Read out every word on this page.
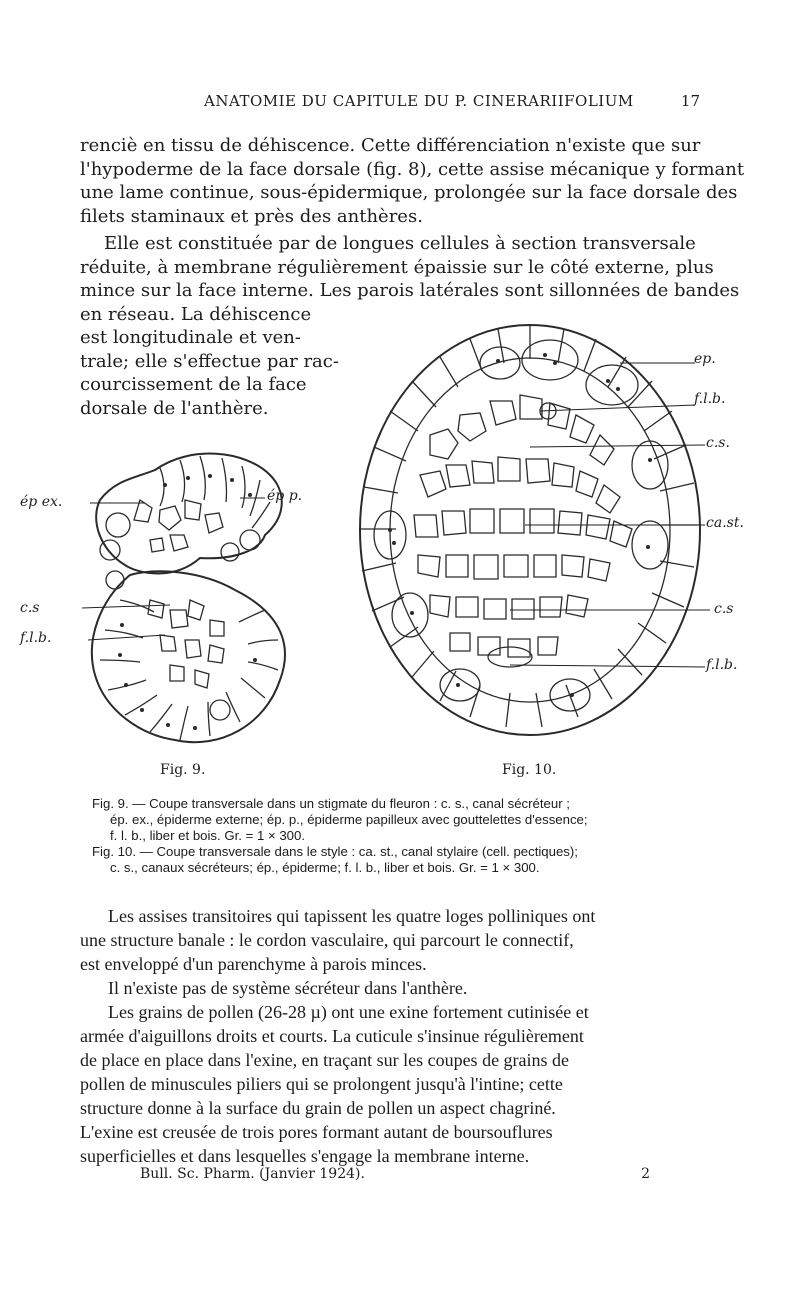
ANATOMIE DU CAPITULE DU P. CINERARIIFOLIUM	17
renciè en tissu de déhiscence. Cette différenciation n'existe que sur
l'hypoderme de la face dorsale (fig. 8), cette assise mécanique y formant
une lame continue, sous-épidermique, prolongée sur la face dorsale des
filets staminaux et près des anthères.
Elle est constituée par de longues cellules à section transversale
réduite, à membrane régulièrement épaissie sur le côté externe, plus
mince sur la face interne. Les parois latérales sont sillonnées de bandes
en réseau. La déhiscence
est longitudinale et ven-
trale; elle s'effectue par rac-
courcissement de la face
dorsale de l'anthère.
ép ex.	ép p.
c.s
f.l.b.
Fig. 9.
ep.
f.l.b.
c.s.
ca.st.
c.s
f.l.b.
Fig. 10.
Fig. 9. — Coupe transversale dans un stigmate du fleuron : c. s., canal sécréteur ;
ép. ex., épiderme externe; ép. p., épiderme papilleux avec gouttelettes d'essence;
f. l. b., liber et bois. Gr. = 1 × 300.
Fig. 10. — Coupe transversale dans le style : ca. st., canal stylaire (cell. pectiques);
c. s., canaux sécréteurs; ép., épiderme; f. l. b., liber et bois. Gr. = 1 × 300.
Les assises transitoires qui tapissent les quatre loges polliniques ont
une structure banale : le cordon vasculaire, qui parcourt le connectif,
est enveloppé d'un parenchyme à parois minces.
Il n'existe pas de système sécréteur dans l'anthère.
Les grains de pollen (26-28 µ) ont une exine fortement cutinisée et
armée d'aiguillons droits et courts. La cuticule s'insinue régulièrement
de place en place dans l'exine, en traçant sur les coupes de grains de
pollen de minuscules piliers qui se prolongent jusqu'à l'intine; cette
structure donne à la surface du grain de pollen un aspect chagriné.
L'exine est creusée de trois pores formant autant de boursouflures
superficielles et dans lesquelles s'engage la membrane interne.
Bull. Sc. Pharm. (Janvier 1924).	2
